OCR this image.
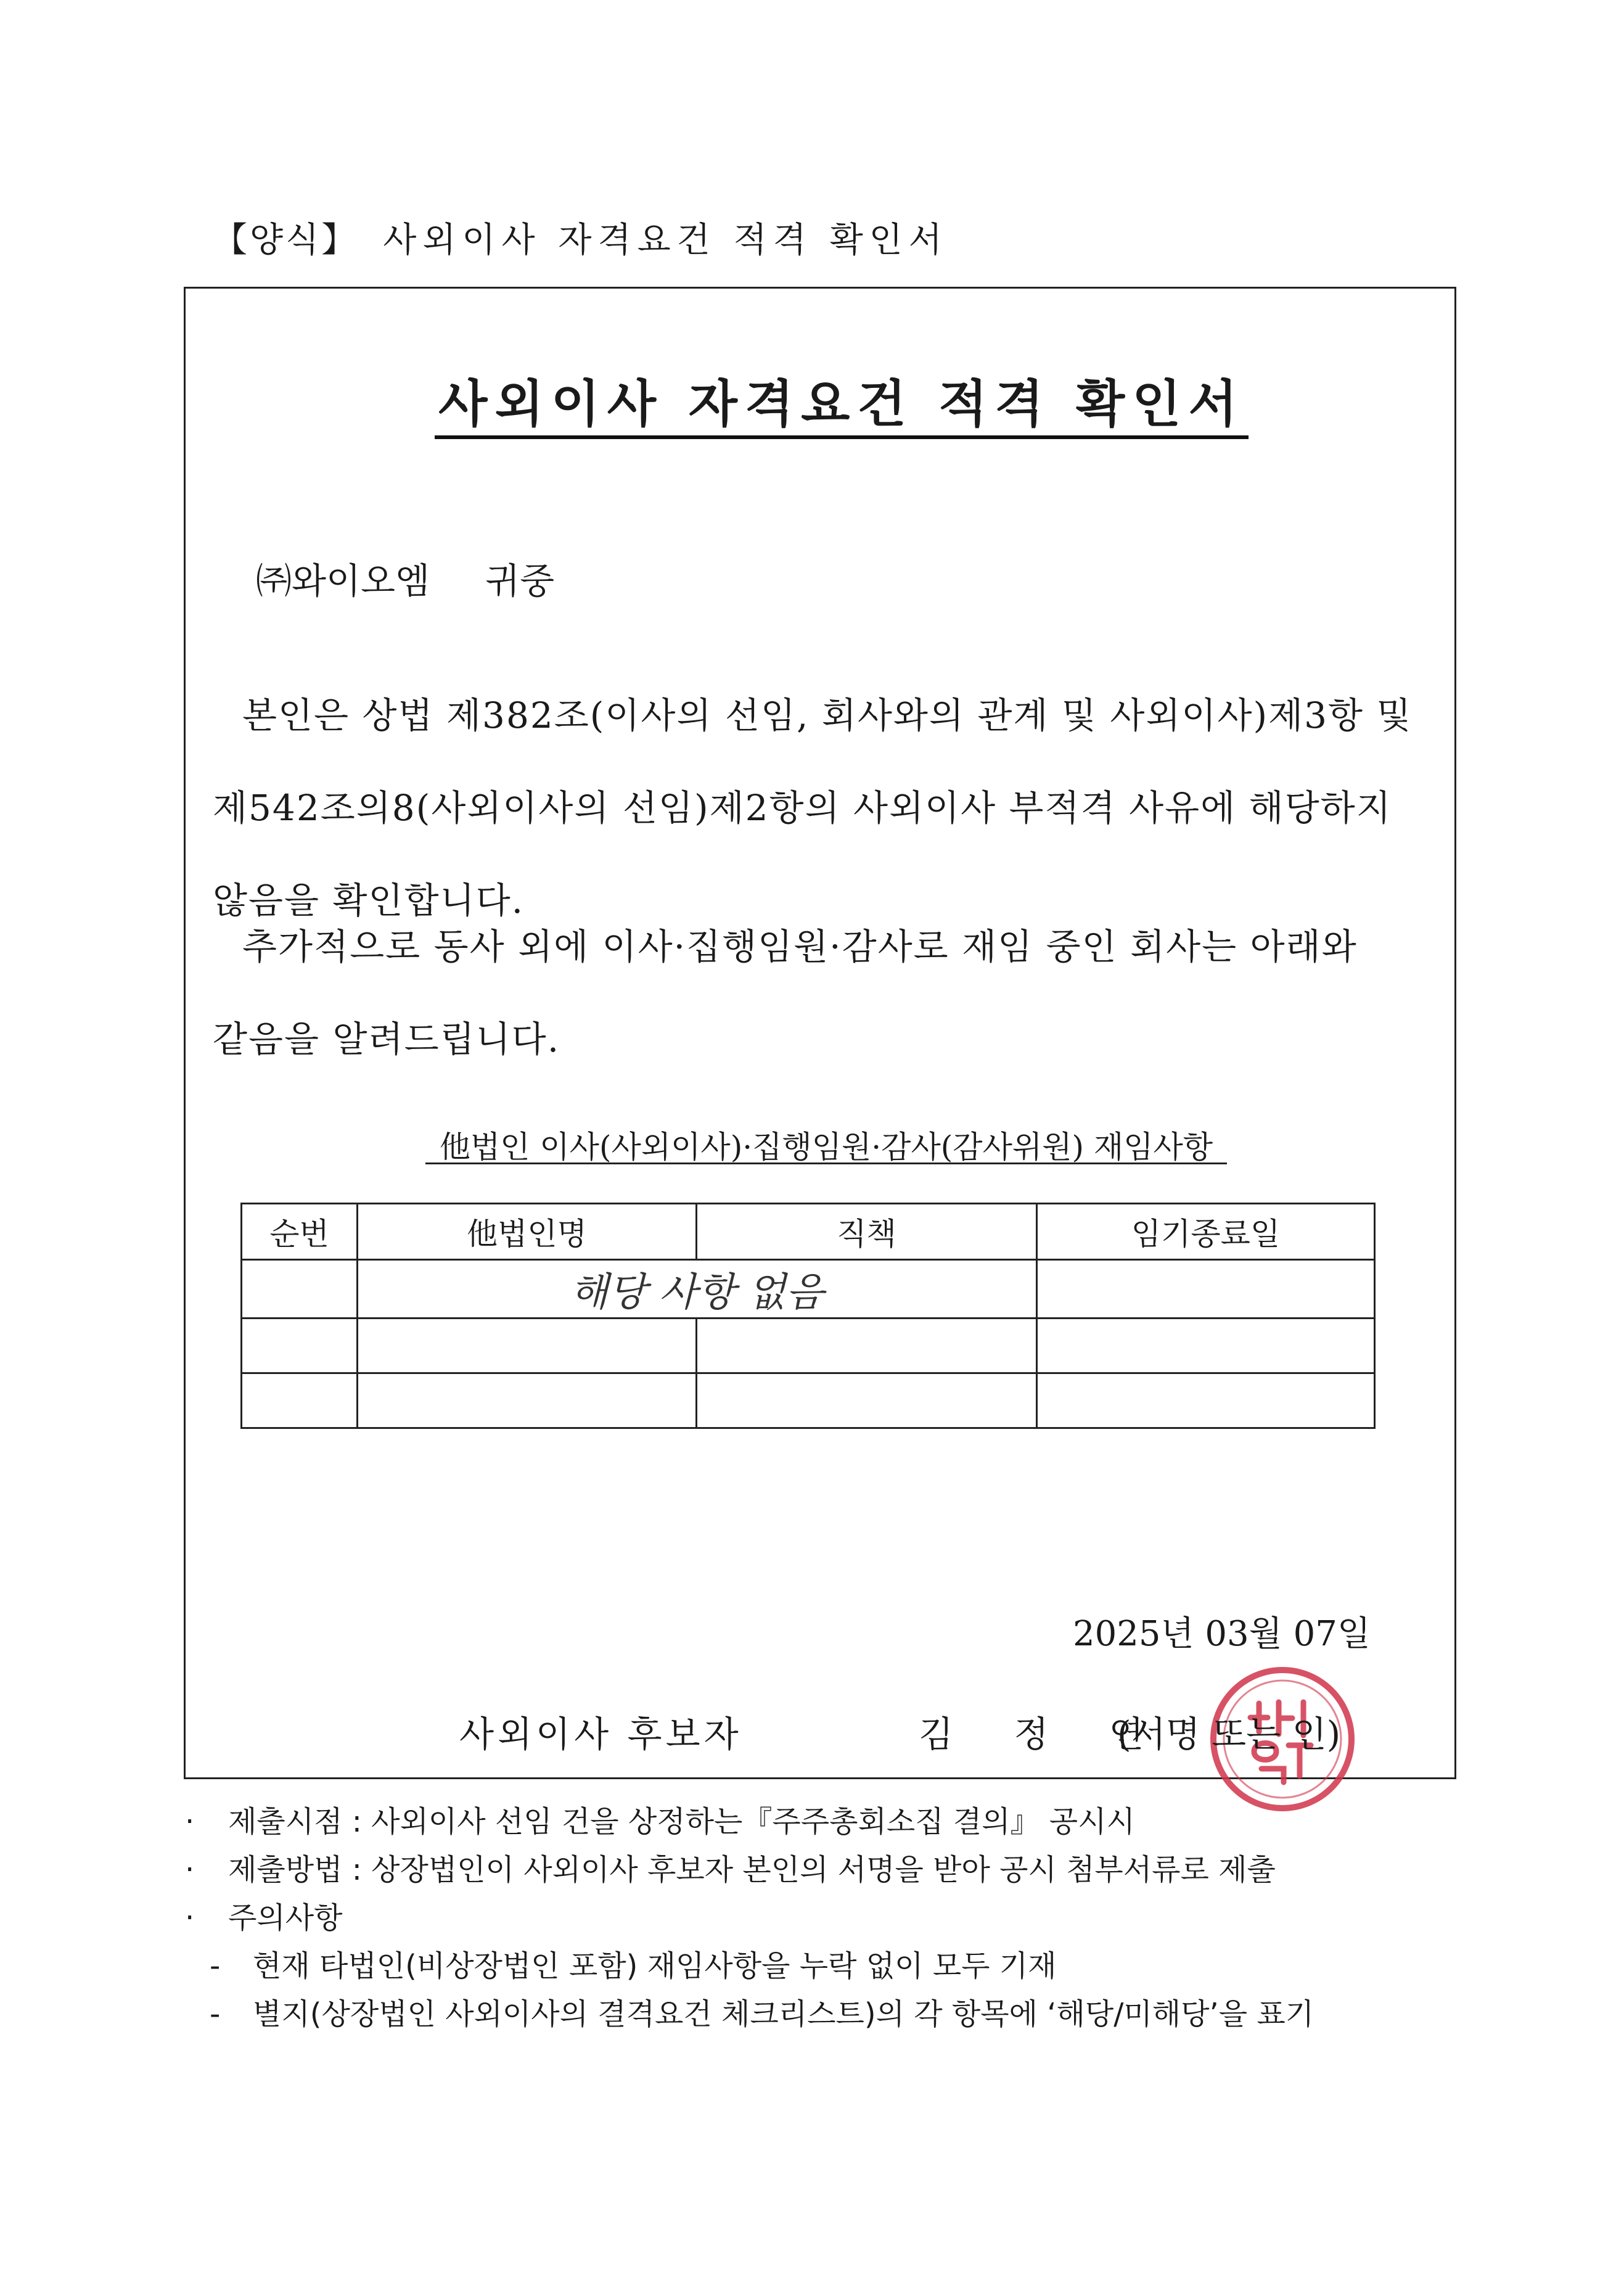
【양식】 사외이사 자격요건 적격 확인서
사외이사 자격요건 적격 확인서
㈜와이오엠 귀중
본인은 상법 제382조(이사의 선임, 회사와의 관계 및 사외이사)제3항 및 제542조의8(사외이사의 선임)제2항의 사외이사 부적격 사유에 해당하지 않음을 확인합니다.
추가적으로 동사 외에 이사·집행임원·감사로 재임 중인 회사는 아래와 같음을 알려드립니다.
他법인 이사(사외이사)·집행임원·감사(감사위원) 재임사항
순번	他법인명	직책	임기종료일
	해당 사항 없음		

2025년 03월 07일
사외이사 후보자	김 정 연
(서명 또는 인)
· 제출시점 : 사외이사 선임 건을 상정하는『주주총회소집 결의』 공시시
· 제출방법 : 상장법인이 사외이사 후보자 본인의 서명을 받아 공시 첨부서류로 제출
· 주의사항
- 현재 타법인(비상장법인 포함) 재임사항을 누락 없이 모두 기재
- 별지(상장법인 사외이사의 결격요건 체크리스트)의 각 항목에 ‘해당/미해당’을 표기
